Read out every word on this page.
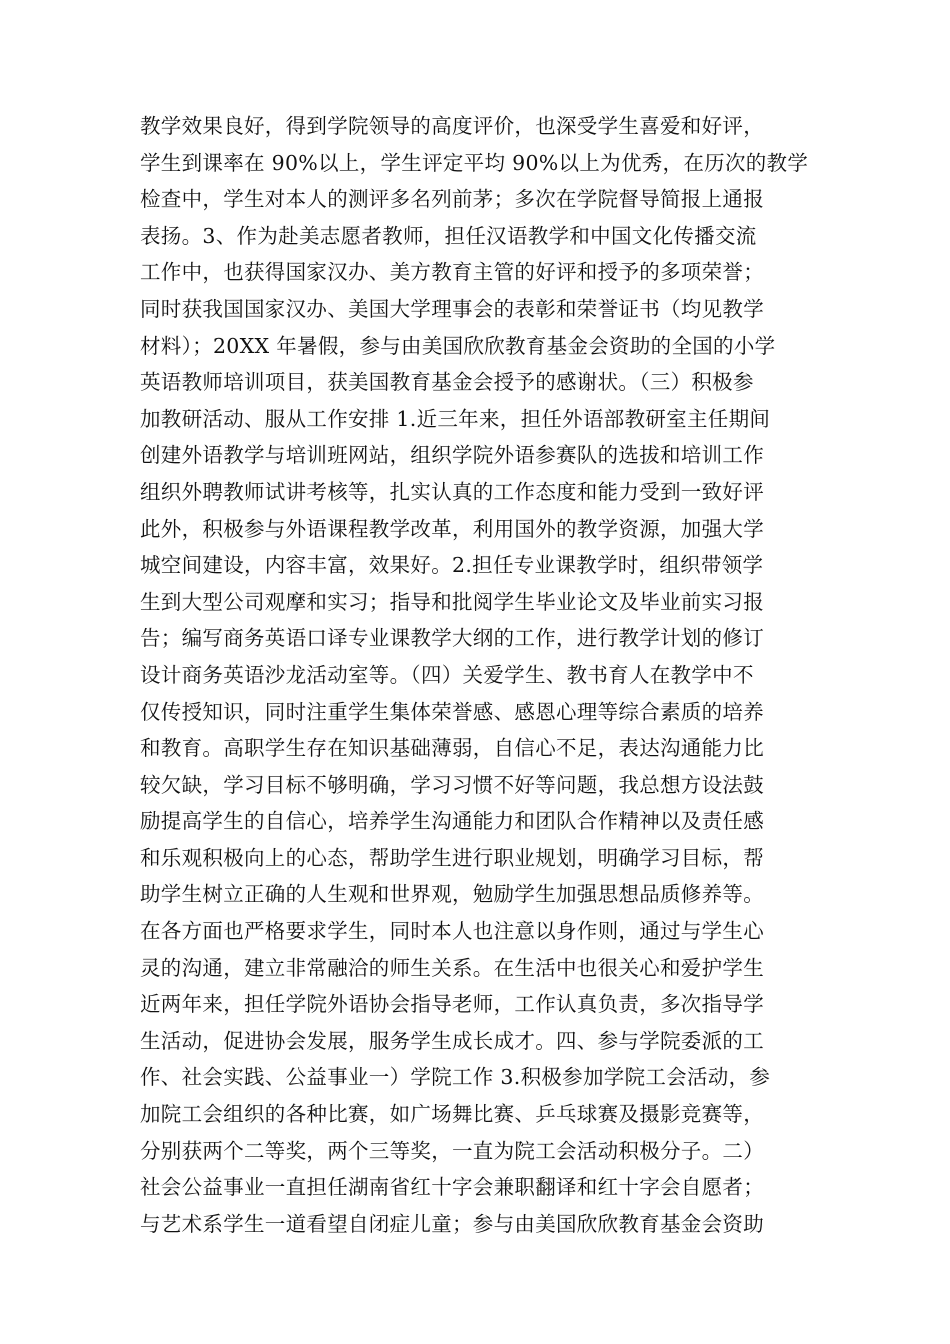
教学效果良好，得到学院领导的高度评价，也深受学生喜爱和好评，
学生到课率在 90%以上，学生评定平均 90%以上为优秀，在历次的教学
检查中，学生对本人的测评多名列前茅；多次在学院督导简报上通报
表扬。3、作为赴美志愿者教师，担任汉语教学和中国文化传播交流
工作中，也获得国家汉办、美方教育主管的好评和授予的多项荣誉；
同时获我国国家汉办、美国大学理事会的表彰和荣誉证书（均见教学
材料）；20XX 年暑假，参与由美国欣欣教育基金会资助的全国的小学
英语教师培训项目，获美国教育基金会授予的感谢状。（三）积极参
加教研活动、服从工作安排 1.近三年来，担任外语部教研室主任期间
创建外语教学与培训班网站，组织学院外语参赛队的选拔和培训工作
组织外聘教师试讲考核等，扎实认真的工作态度和能力受到一致好评
此外，积极参与外语课程教学改革，利用国外的教学资源，加强大学
城空间建设，内容丰富，效果好。2.担任专业课教学时，组织带领学
生到大型公司观摩和实习；指导和批阅学生毕业论文及毕业前实习报
告；编写商务英语口译专业课教学大纲的工作，进行教学计划的修订
设计商务英语沙龙活动室等。（四）关爱学生、教书育人在教学中不
仅传授知识，同时注重学生集体荣誉感、感恩心理等综合素质的培养
和教育。高职学生存在知识基础薄弱，自信心不足，表达沟通能力比
较欠缺，学习目标不够明确，学习习惯不好等问题，我总想方设法鼓
励提高学生的自信心，培养学生沟通能力和团队合作精神以及责任感
和乐观积极向上的心态，帮助学生进行职业规划，明确学习目标，帮
助学生树立正确的人生观和世界观，勉励学生加强思想品质修养等。
在各方面也严格要求学生，同时本人也注意以身作则，通过与学生心
灵的沟通，建立非常融洽的师生关系。在生活中也很关心和爱护学生
近两年来，担任学院外语协会指导老师，工作认真负责，多次指导学
生活动，促进协会发展，服务学生成长成才。四、参与学院委派的工
作、社会实践、公益事业一）学院工作 3.积极参加学院工会活动，参
加院工会组织的各种比赛，如广场舞比赛、乒乓球赛及摄影竞赛等，
分别获两个二等奖，两个三等奖，一直为院工会活动积极分子。二）
社会公益事业一直担任湖南省红十字会兼职翻译和红十字会自愿者；
与艺术系学生一道看望自闭症儿童；参与由美国欣欣教育基金会资助
